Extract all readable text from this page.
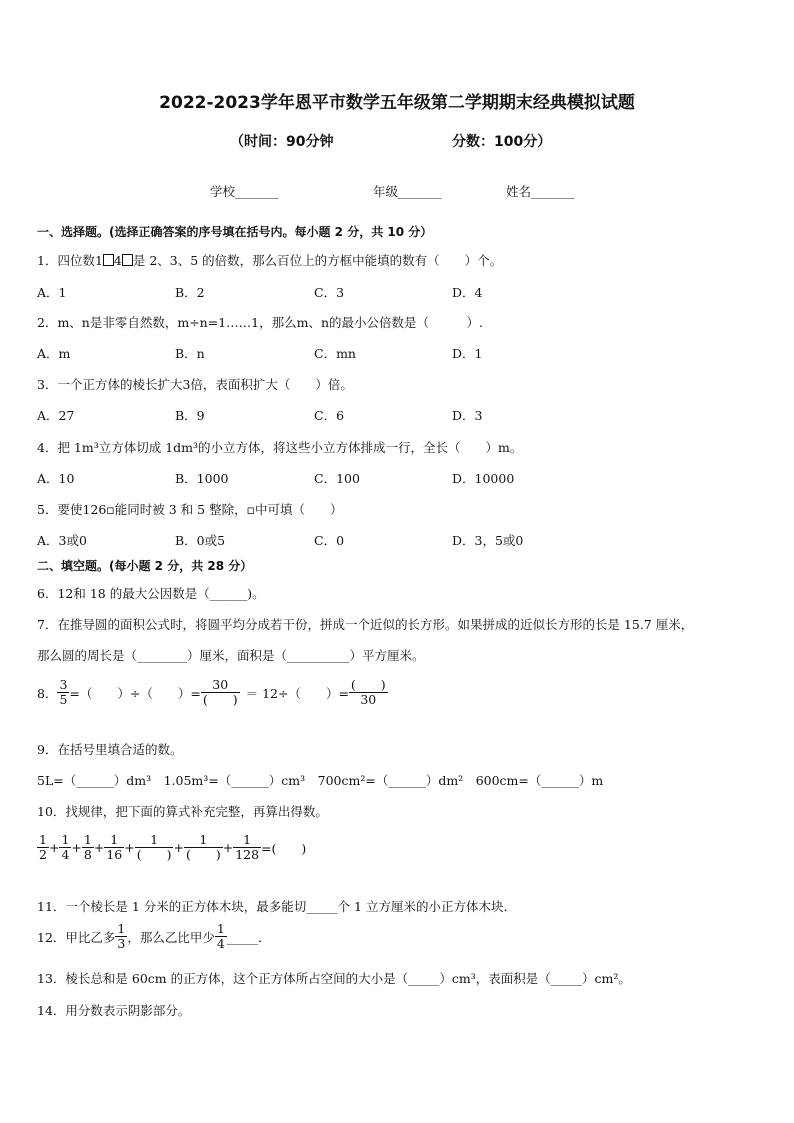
2022-2023学年恩平市数学五年级第二学期期末经典模拟试题
（时间：90分钟	分数：100分）
学校_______	年级_______	姓名_______
一、选择题。(选择正确答案的序号填在括号内。每小题 2 分，共 10 分）
1．四位数1 4 是 2、3、5 的倍数，那么百位上的方框中能填的数有（　　）个。
A．1	B．2	C．3	D．4
2．m、n是非零自然数，m÷n=1……1，那么m、n的最小公倍数是（　　　）.
A．m	B．n	C．mn	D．1
3．一个正方体的棱长扩大3倍，表面积扩大（　　）倍。
A．27	B．9	C．6	D．3
4．把 1m³立方体切成 1dm³的小立方体，将这些小立方体排成一行，全长（　　）m。
A．10	B．1000	C．100	D．10000
5．要使126▫能同时被 3 和 5 整除，▫中可填（　　）
A．3或0	B．0或5	C．0	D．3，5或0
二、填空题。(每小题 2 分，共 28 分）
6．12和 18 的最大公因数是（______)。
7．在推导圆的面积公式时，将圆平均分成若干份，拼成一个近似的长方形。如果拼成的近似长方形的长是 15.7 厘米，
那么圆的周长是（________）厘米，面积是（__________）平方厘米。
8． $\frac{3}{5}$ =（　　）÷（　　）= $\frac{30}{( )} = 12\div$（　　）= $\frac{( )}{30}$
9．在括号里填合适的数。
5L=（______）dm³　1.05m³=（______）cm³　700cm²=（______）dm²　600cm=（______）m
10．找规律，把下面的算式补充完整，再算出得数。
$\frac{1}{2} + \frac{1}{4} + \frac{1}{8} + \frac{1}{16} + \frac{1}{( )} + \frac{1}{( )} + \frac{1}{128}$ =(　　)
11．一个棱长是 1 分米的正方体木块，最多能切_____个 1 立方厘米的小正方体木块．
12．甲比乙多 $\frac{1}{3}$ ，那么乙比甲少 $\frac{1}{4}$ _____．
13．棱长总和是 60cm 的正方体，这个正方体所占空间的大小是（_____）cm³，表面积是（_____）cm²。
14．用分数表示阴影部分。
